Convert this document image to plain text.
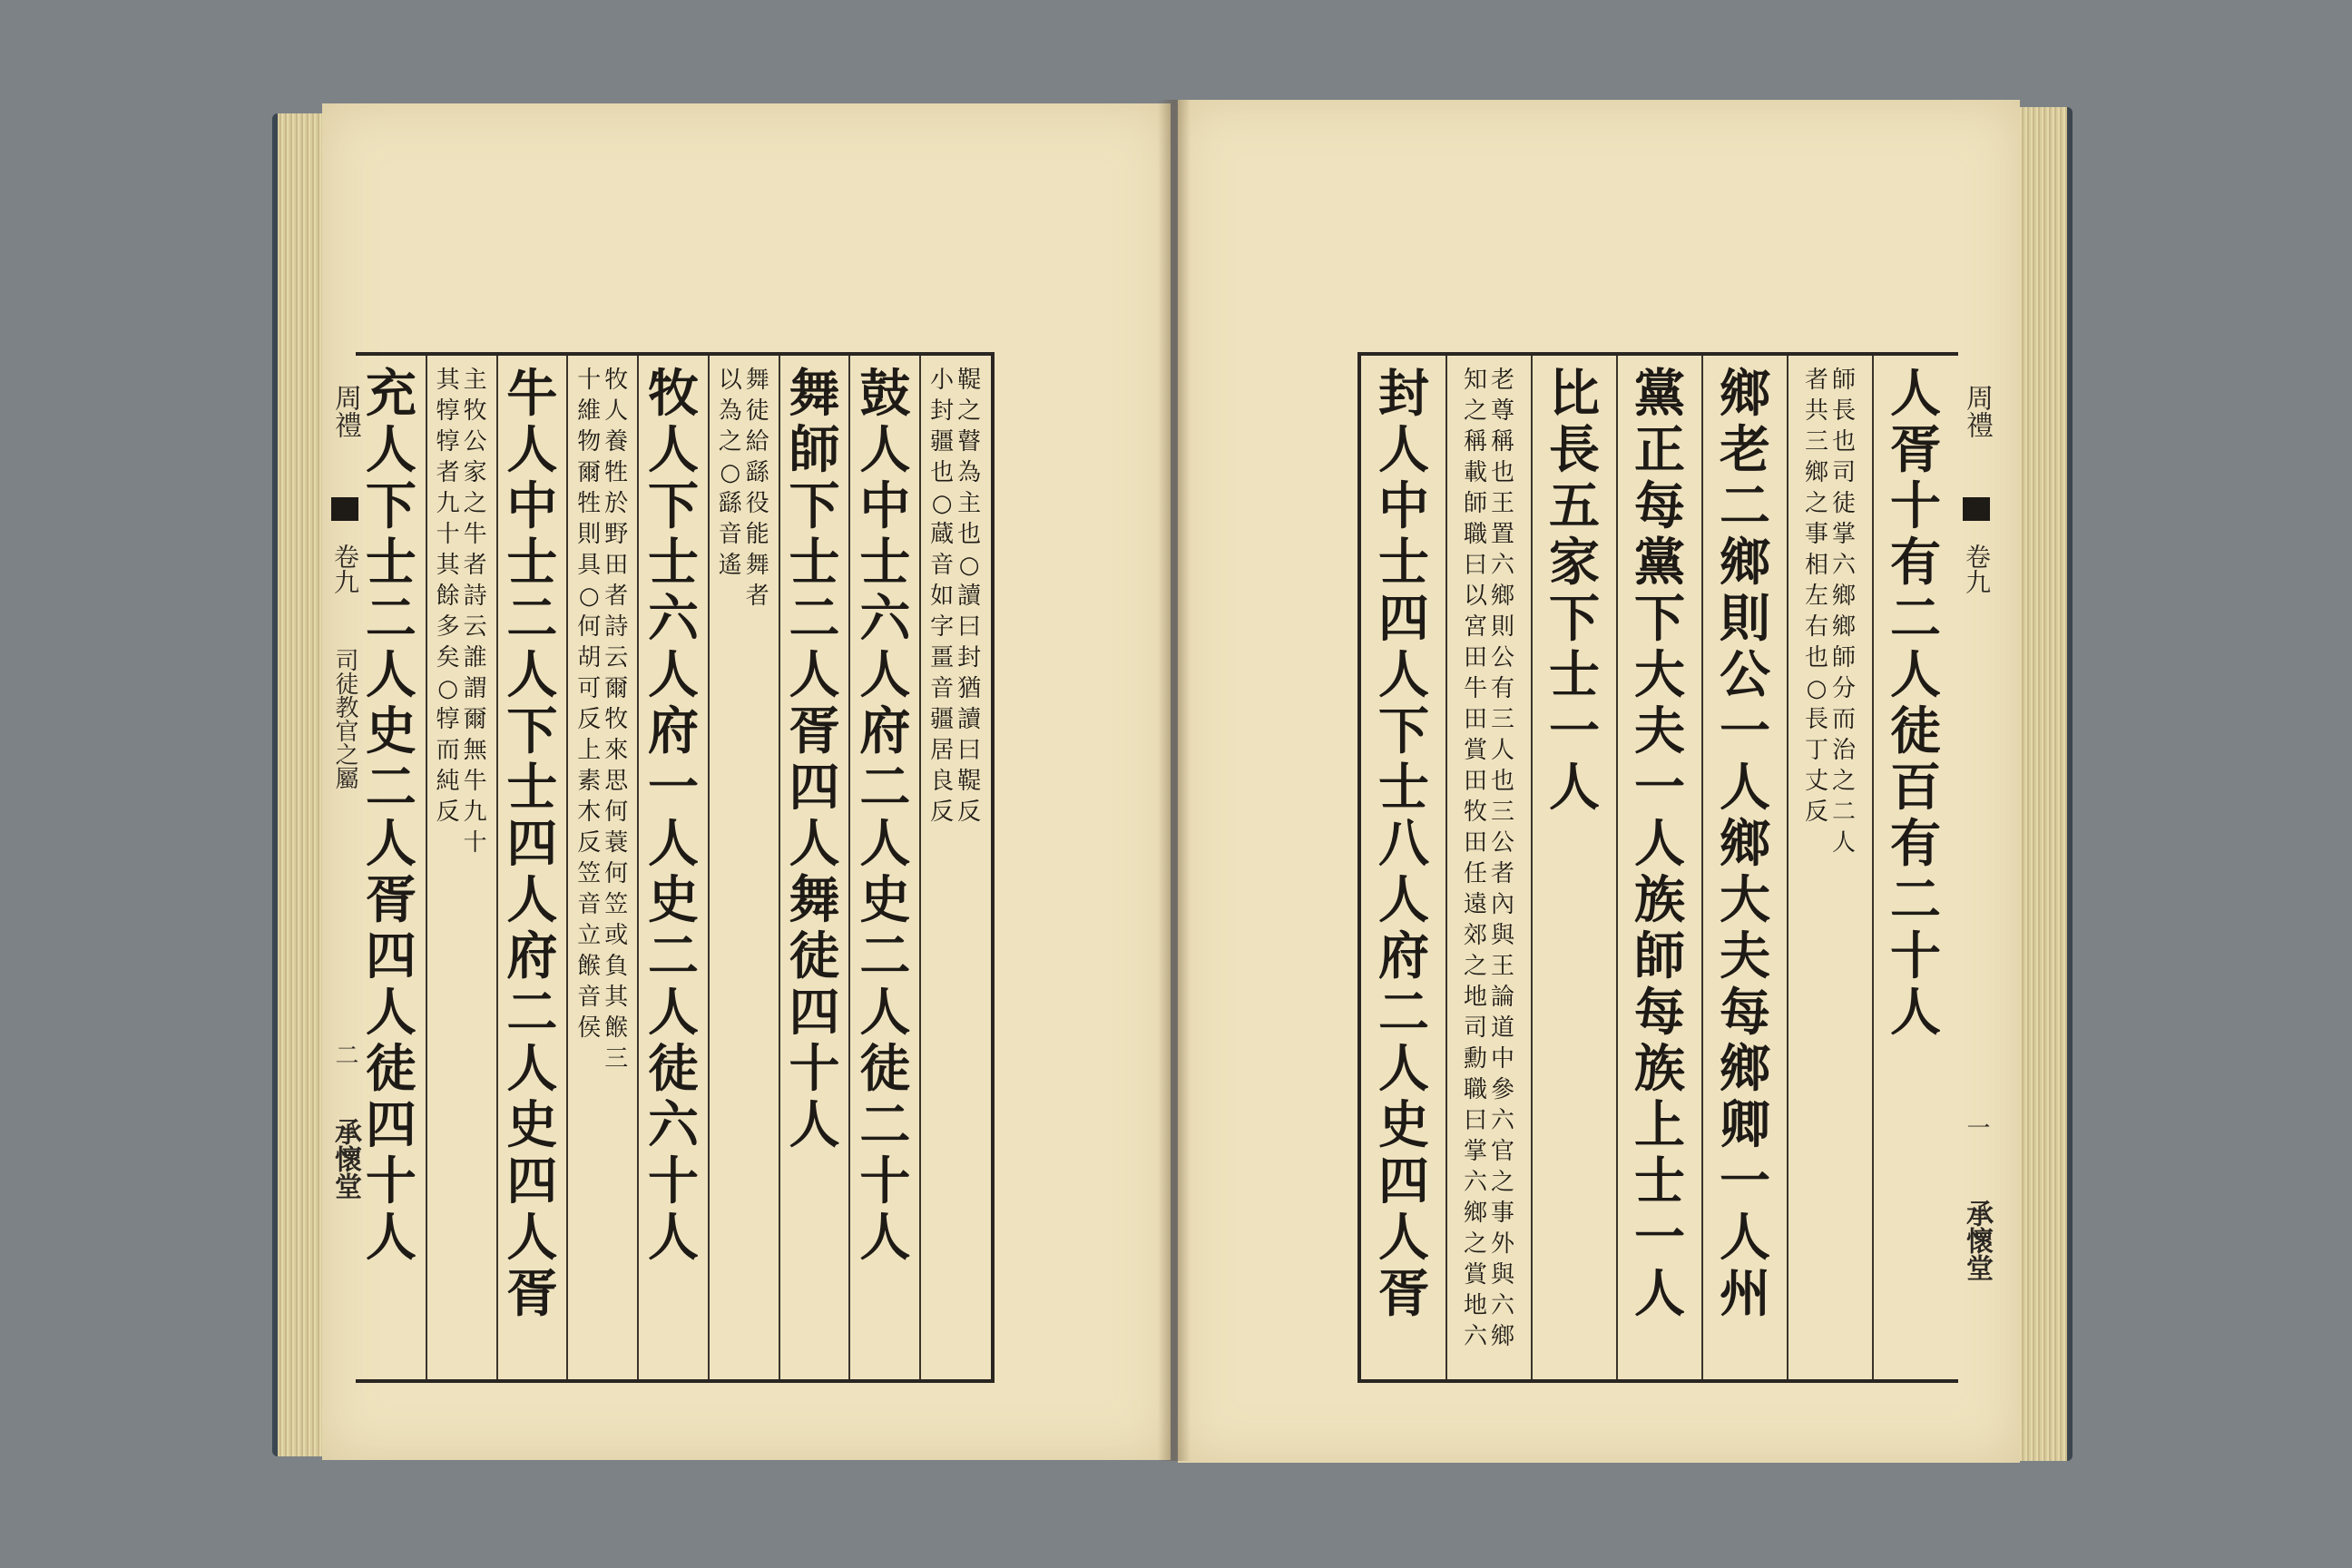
鞮
之
瞽
為
主
也
○
讀
曰
封
猶
讀
曰
鞮
反
小
封
疆
也
○
蔵
音
如
字
畺
音
疆
居
良
反
鼓
人
中
士
六
人
府
二
人
史
二
人
徒
二
十
人
舞
師
下
士
二
人
胥
四
人
舞
徒
四
十
人
舞
徒
給
繇
役
能
舞
者
以
為
之
○
繇
音
遙
牧
人
下
士
六
人
府
一
人
史
二
人
徒
六
十
人
牧
人
養
牲
於
野
田
者
詩
云
爾
牧
來
思
何
蓑
何
笠
或
負
其
餱
三
十
維
物
爾
牲
則
具
○
何
胡
可
反
上
素
木
反
笠
音
立
餱
音
侯
牛
人
中
士
二
人
下
士
四
人
府
二
人
史
四
人
胥
主
牧
公
家
之
牛
者
詩
云
誰
謂
爾
無
牛
九
十
其
犉
犉
者
九
十
其
餘
多
矣
○
犉
而
純
反
充
人
下
士
二
人
史
二
人
胥
四
人
徒
四
十
人
人
胥
十
有
二
人
徒
百
有
二
十
人
師
長
也
司
徒
掌
六
鄉
鄉
師
分
而
治
之
二
人
者
共
三
鄉
之
事
相
左
右
也
○
長
丁
丈
反
鄉
老
二
鄉
則
公
一
人
鄉
大
夫
每
鄉
卿
一
人
州
黨
正
每
黨
下
大
夫
一
人
族
師
每
族
上
士
一
人
比
長
五
家
下
士
一
人
老
尊
稱
也
王
置
六
鄉
則
公
有
三
人
也
三
公
者
內
與
王
論
道
中
參
六
官
之
事
外
與
六
鄉
知
之
稱
載
師
職
曰
以
宮
田
牛
田
賞
田
牧
田
任
遠
郊
之
地
司
勳
職
曰
掌
六
鄉
之
賞
地
六
封
人
中
士
四
人
下
士
八
人
府
二
人
史
四
人
胥
周禮
卷九
司徒教官之屬
二
承懷堂
周禮
卷九
一
承懷堂
